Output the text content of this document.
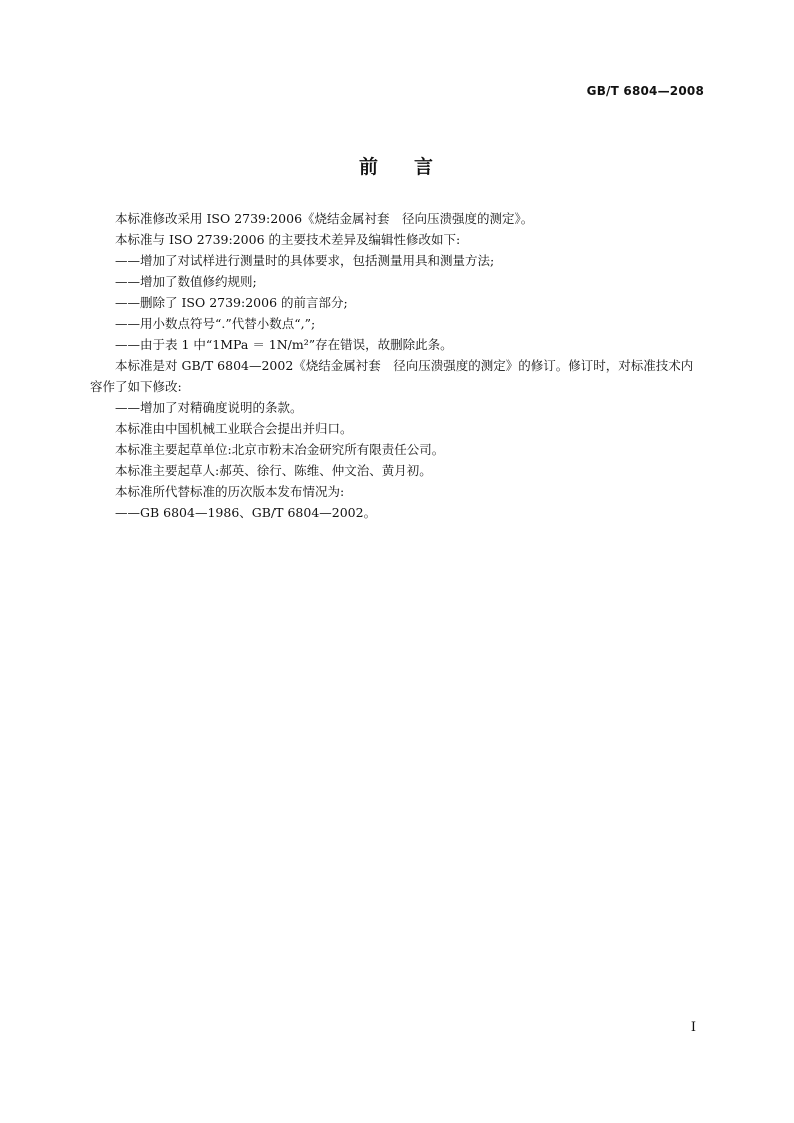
GB/T 6804—2008
前 言

本标准修改采用 ISO 2739:2006《烧结金属衬套　径向压溃强度的测定》。

本标准与 ISO 2739:2006 的主要技术差异及编辑性修改如下:

——增加了对试样进行测量时的具体要求，包括测量用具和测量方法;

——增加了数值修约规则;

——删除了 ISO 2739:2006 的前言部分;

——用小数点符号“.”代替小数点“,”;

——由于表 1 中“1MPa ＝ 1N/m²”存在错误，故删除此条。

本标准是对 GB/T 6804—2002《烧结金属衬套　径向压溃强度的测定》的修订。修订时，对标准技术内容作了如下修改:

——增加了对精确度说明的条款。

本标准由中国机械工业联合会提出并归口。

本标准主要起草单位:北京市粉末冶金研究所有限责任公司。

本标准主要起草人:郝英、徐行、陈维、仲文治、黄月初。

本标准所代替标准的历次版本发布情况为:

——GB 6804—1986、GB/T 6804—2002。

I
